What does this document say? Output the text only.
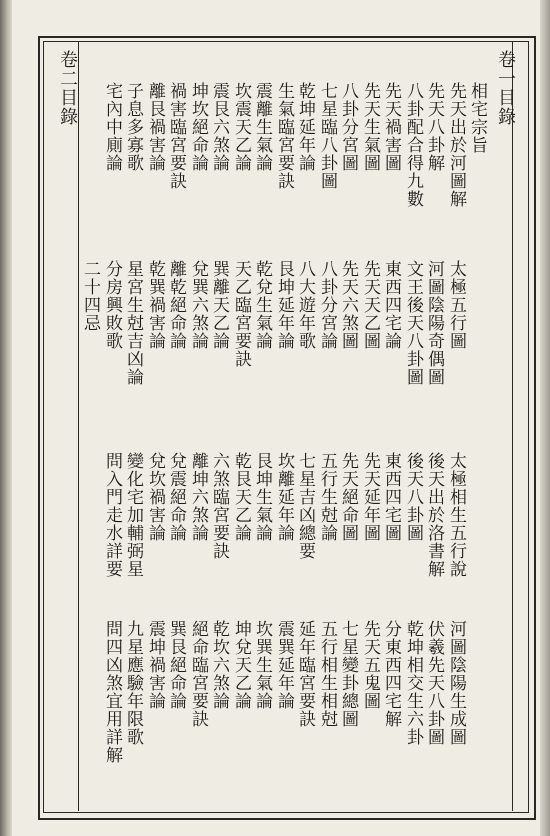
卷一目錄
卷二目錄	相宅宗旨
先天出於河圖解
太極五行圖
太極相生五行說
河圖陰陽生成圖
先天八卦解
河圖陰陽奇偶圖
後天出於洛書解
伏羲先天八卦圖
八卦配合得九數
文王後天八卦圖
後天八卦圖
乾坤相交生六卦
先天禍害圖
東西四宅論
東西四宅圖
分東西四宅解
先天生氣圖
先天天乙圖
先天延年圖
先天五鬼圖
八卦分宮圖
先天六煞圖
先天絕命圖
七星變卦總圖
七星臨八卦圖
八卦分宮論
五行生尅論
五行相生相尅
乾坤延年論
八大遊年歌
七星吉凶總要
延年臨宮要訣
生氣臨宮要訣
艮坤延年論
坎離延年論
震巽延年論
震離生氣論
乾兌生氣論
艮坤生氣論
坎巽生氣論
坎震天乙論
天乙臨宮要訣
乾艮天乙論
坤兌天乙論
震艮六煞論
巽離天乙論
六煞臨宮要訣
乾坎六煞論
坤坎絕命論
兌巽六煞論
離坤六煞論
絕命臨宮要訣
禍害臨宮要訣
離乾絕命論
兌震絕命論
巽艮絕命論
離艮禍害論
乾巽禍害論
兌坎禍害論
震坤禍害論
子息多寡歌
星宮生尅吉凶論
變化宅加輔弼星
九星應驗年限歌
宅內中廁論
分房興敗歌
問入門走水詳要
問四凶煞宜用詳解
二十四忌
